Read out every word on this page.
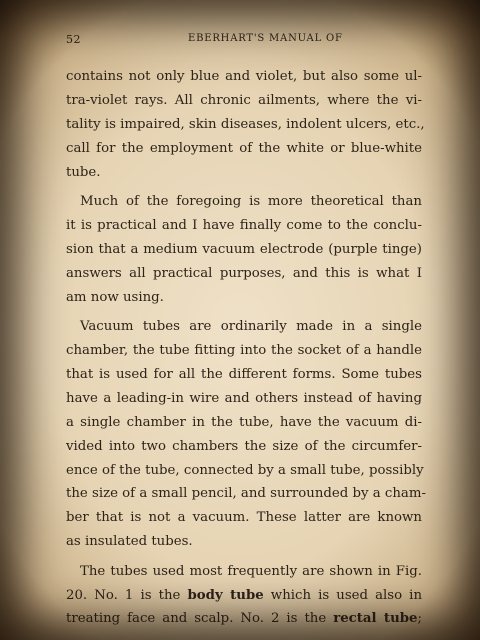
52	EBERHART'S MANUAL OF
contains not only blue and violet, but also some ul-
tra-violet rays. All chronic ailments, where the vi-
tality is impaired, skin diseases, indolent ulcers, etc.,
call for the employment of the white or blue-white
tube.
Much of the foregoing is more theoretical than
it is practical and I have finally come to the conclu-
sion that a medium vacuum electrode (purple tinge)
answers all practical purposes, and this is what I
am now using.
Vacuum tubes are ordinarily made in a single
chamber, the tube fitting into the socket of a handle
that is used for all the different forms. Some tubes
have a leading-in wire and others instead of having
a single chamber in the tube, have the vacuum di-
vided into two chambers the size of the circumfer-
ence of the tube, connected by a small tube, possibly
the size of a small pencil, and surrounded by a cham-
ber that is not a vacuum. These latter are known
as insulated tubes.
The tubes used most frequently are shown in Fig.
20. No. 1 is the body tube which is used also in
treating face and scalp. No. 2 is the rectal tube;
